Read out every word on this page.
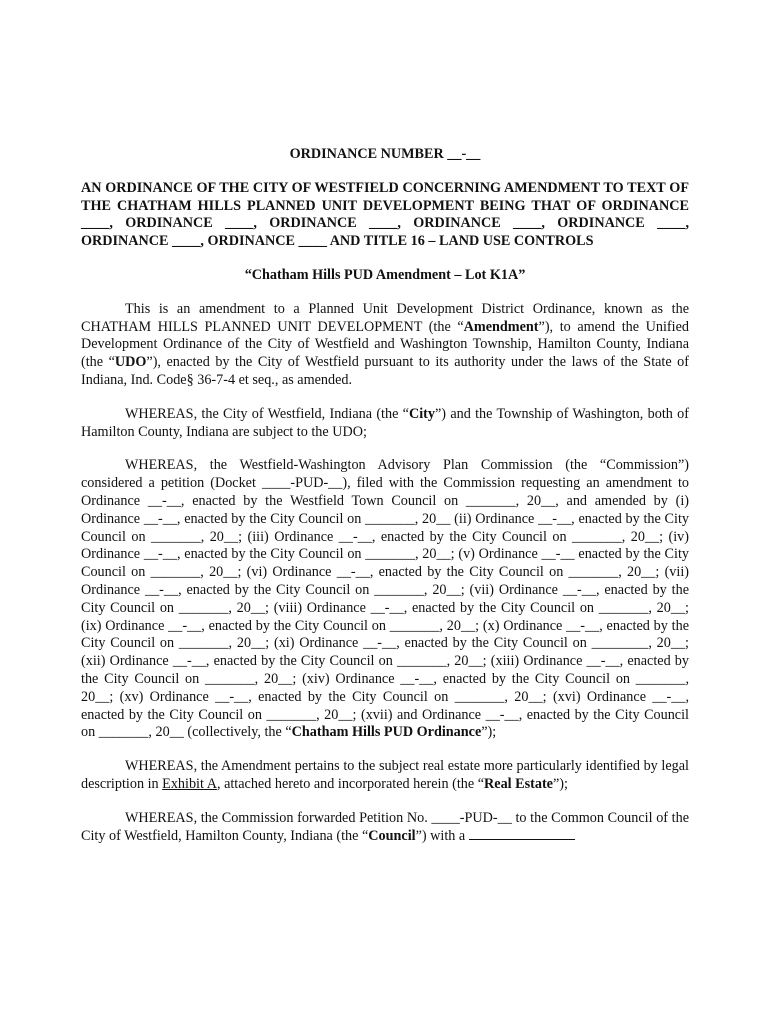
ORDINANCE NUMBER __-__
AN ORDINANCE OF THE CITY OF WESTFIELD CONCERNING AMENDMENT TO TEXT OF THE CHATHAM HILLS PLANNED UNIT DEVELOPMENT BEING THAT OF ORDINANCE ____, ORDINANCE ____, ORDINANCE ____, ORDINANCE ____, ORDINANCE ____, ORDINANCE ____, ORDINANCE ____ AND TITLE 16 – LAND USE CONTROLS
“Chatham Hills PUD Amendment – Lot K1A”

This is an amendment to a Planned Unit Development District Ordinance, known as the CHATHAM HILLS PLANNED UNIT DEVELOPMENT (the “Amendment”), to amend the Unified Development Ordinance of the City of Westfield and Washington Township, Hamilton County, Indiana (the “UDO”), enacted by the City of Westfield pursuant to its authority under the laws of the State of Indiana, Ind. Code§ 36-7-4 et seq., as amended.

WHEREAS, the City of Westfield, Indiana (the “City”) and the Township of Washington, both of Hamilton County, Indiana are subject to the UDO;

WHEREAS, the Westfield-Washington Advisory Plan Commission (the “Commission”) considered a petition (Docket ____-PUD-__), filed with the Commission requesting an amendment to Ordinance __-__, enacted by the Westfield Town Council on _______, 20__, and amended by (i) Ordinance __-__, enacted by the City Council on _______, 20__ (ii) Ordinance __-__, enacted by the City Council on _______, 20__; (iii) Ordinance __-__, enacted by the City Council on _______, 20__; (iv) Ordinance __-__, enacted by the City Council on _______, 20__; (v) Ordinance __-__ enacted by the City Council on _______, 20__; (vi) Ordinance __-__, enacted by the City Council on _______, 20__; (vii) Ordinance __-__, enacted by the City Council on _______, 20__; (vii) Ordinance __-__, enacted by the City Council on _______, 20__; (viii) Ordinance __-__, enacted by the City Council on _______, 20__; (ix) Ordinance __-__, enacted by the City Council on _______, 20__; (x) Ordinance __-__, enacted by the City Council on _______, 20__; (xi) Ordinance __-__, enacted by the City Council on ________, 20__; (xii) Ordinance __-__, enacted by the City Council on _______, 20__; (xiii) Ordinance __-__, enacted by the City Council on _______, 20__; (xiv) Ordinance __-__, enacted by the City Council on _______, 20__; (xv) Ordinance __-__, enacted by the City Council on _______, 20__; (xvi) Ordinance __-__, enacted by the City Council on _______, 20__; (xvii) and Ordinance __-__, enacted by the City Council on _______, 20__ (collectively, the “Chatham Hills PUD Ordinance”);

WHEREAS, the Amendment pertains to the subject real estate more particularly identified by legal description in Exhibit A, attached hereto and incorporated herein (the “Real Estate”);

WHEREAS, the Commission forwarded Petition No. ____-PUD-__ to the Common Council of the City of Westfield, Hamilton County, Indiana (the “Council”) with a
